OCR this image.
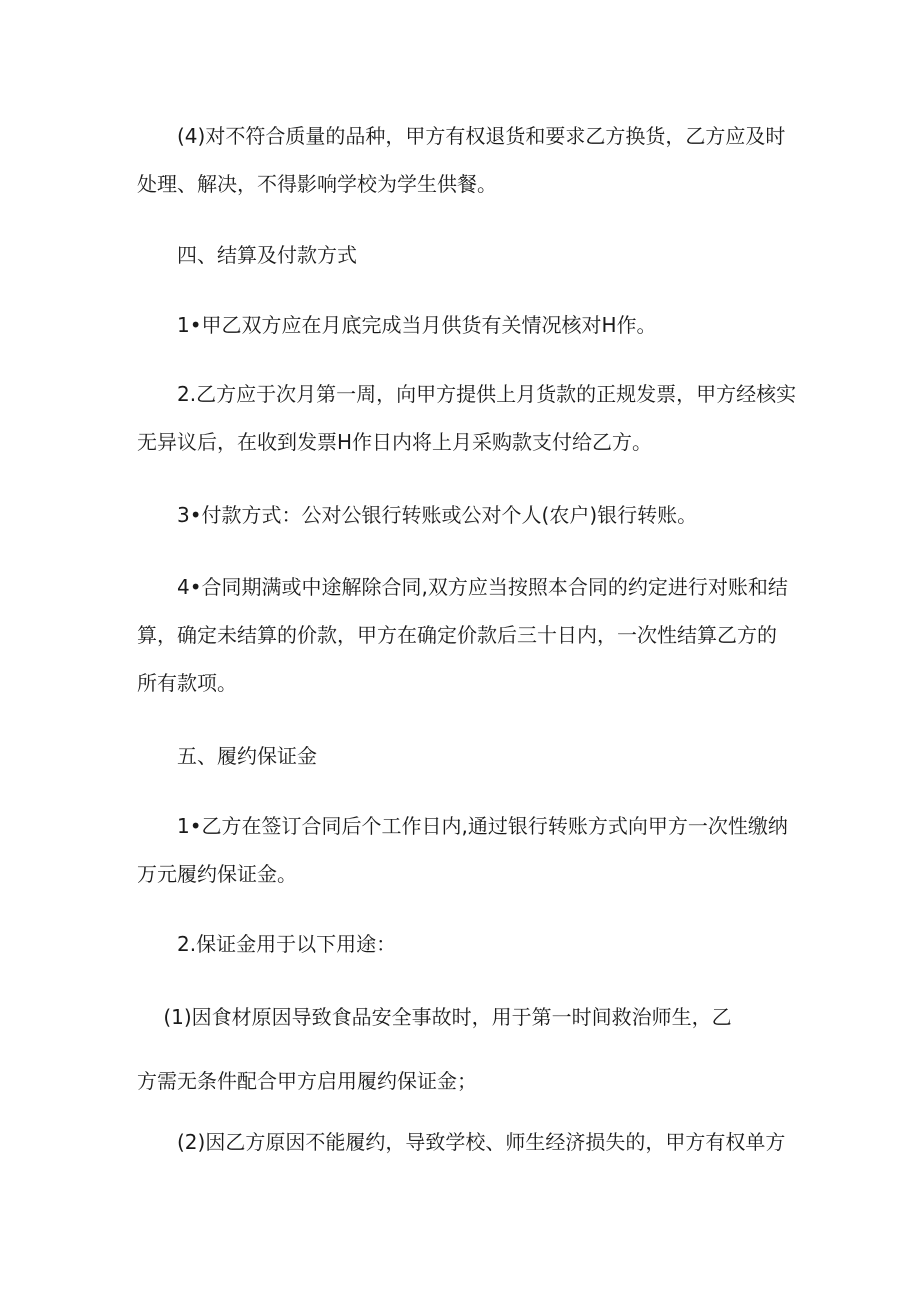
　　(4)对不符合质量的品种，甲方有权退货和要求乙方换货，乙方应及时
处理、解决，不得影响学校为学生供餐。

　　四、结算及付款方式

　　1•甲乙双方应在月底完成当月供货有关情况核对H作。

　　2.乙方应于次月第一周，向甲方提供上月货款的正规发票，甲方经核实
无异议后，在收到发票H作日内将上月采购款支付给乙方。

　　3•付款方式：公对公银行转账或公对个人(农户)银行转账。

　　4•合同期满或中途解除合同,双方应当按照本合同的约定进行对账和结
算，确定未结算的价款，甲方在确定价款后三十日内，一次性结算乙方的
所有款项。

　　五、履约保证金

　　1•乙方在签订合同后个工作日内,通过银行转账方式向甲方一次性缴纳
万元履约保证金。

　　2.保证金用于以下用途：

　 (1)因食材原因导致食品安全事故时，用于第一时间救治师生，乙
方需无条件配合甲方启用履约保证金；

　　(2)因乙方原因不能履约，导致学校、师生经济损失的，甲方有权单方
